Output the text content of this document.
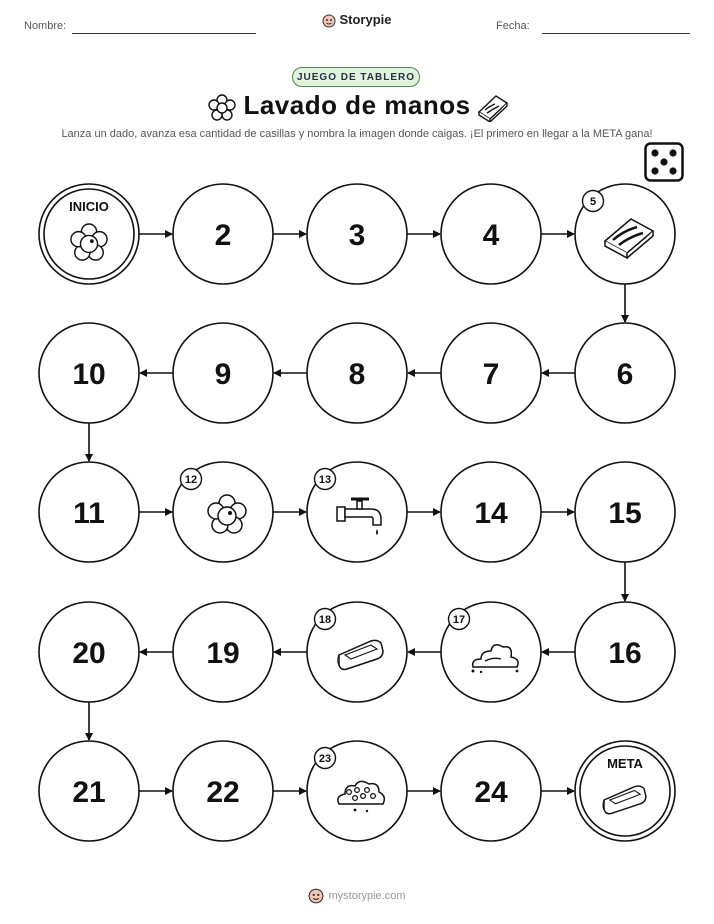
Nombre:	Storypie	Fecha:
JUEGO DE TABLERO
Lavado de manos
Lanza un dado, avanza esa cantidad de casillas y nombra la imagen donde caigas. ¡El primero en llegar a la META gana!
INICIO
2	3	4
5
6
7
8
9
10
11
12	13
14	15
16
17
18
19
20
21	22
23
24
META
mystorypie.com
